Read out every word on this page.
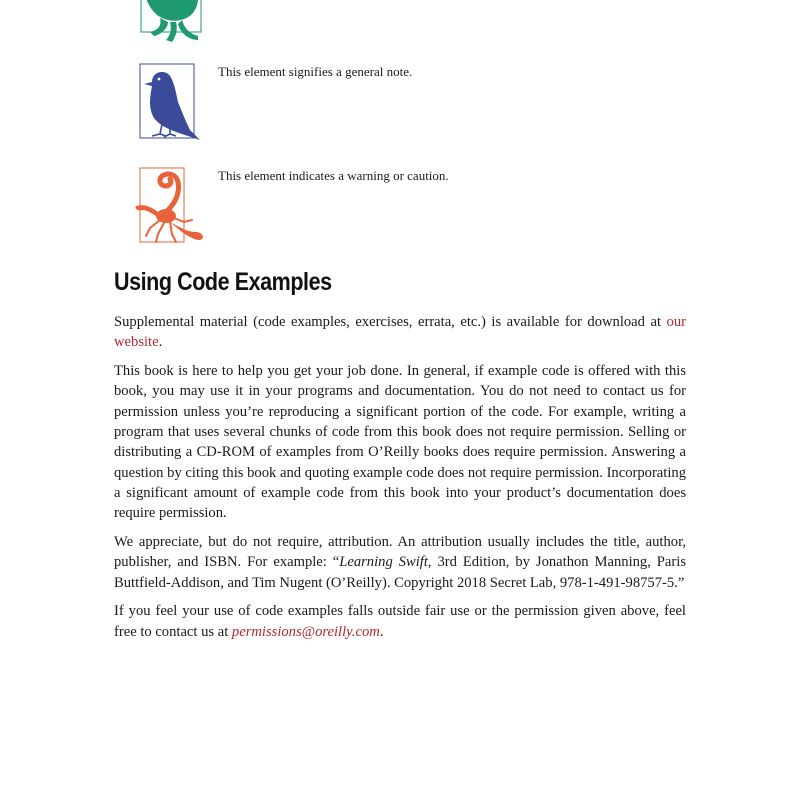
This element signifies a general note.
This element indicates a warning or caution.
Using Code Examples

Supplemental material (code examples, exercises, errata, etc.) is available for download at our website.

This book is here to help you get your job done. In general, if example code is offered with this book, you may use it in your programs and documentation. You do not need to contact us for permission unless you’re reproducing a significant portion of the code. For example, writing a program that uses several chunks of code from this book does not require permission. Selling or distributing a CD-ROM of examples from O’Reilly books does require permission. Answering a question by citing this book and quoting example code does not require permission. Incorporating a significant amount of example code from this book into your product’s documentation does require permission.

We appreciate, but do not require, attribution. An attribution usually includes the title, author, publisher, and ISBN. For example: “Learning Swift, 3rd Edition, by Jonathon Manning, Paris Buttfield-Addison, and Tim Nugent (O’Reilly). Copyright 2018 Secret Lab, 978-1-491-98757-5.”

If you feel your use of code examples falls outside fair use or the permission given above, feel free to contact us at permissions@oreilly.com.
